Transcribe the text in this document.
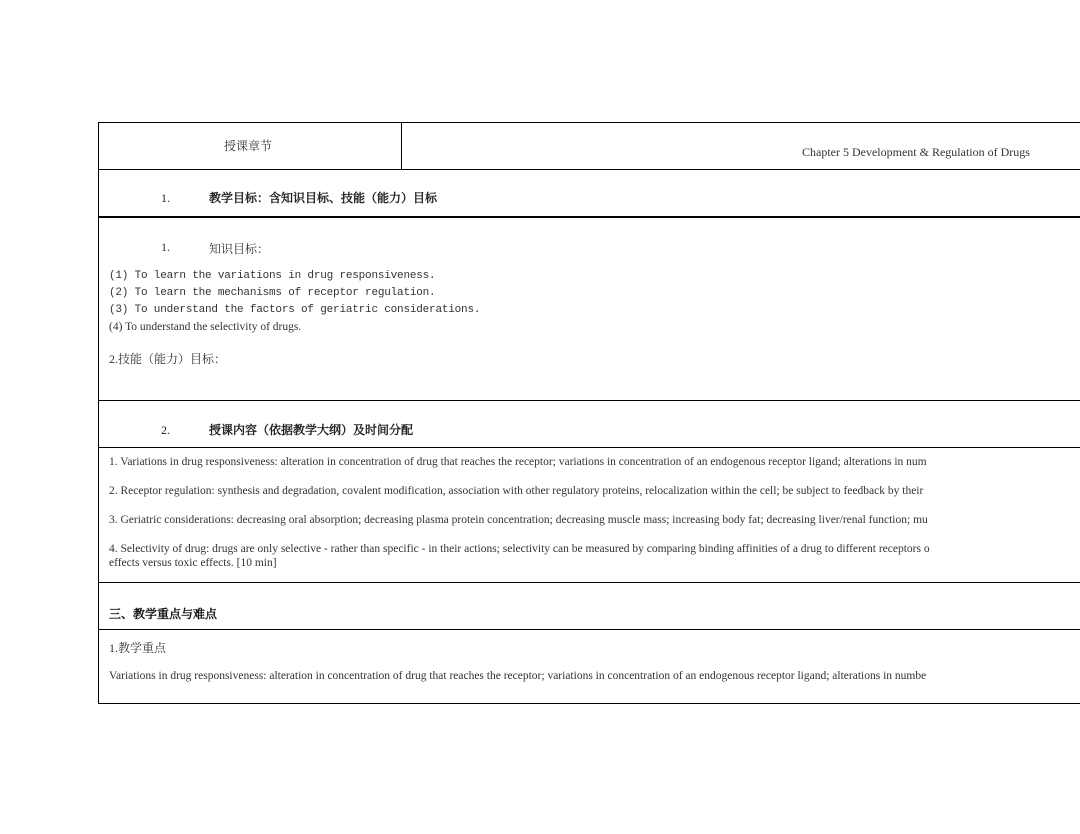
授课章节	Chapter 5 Development & Regulation of Drugs
1.	教学目标：含知识目标、技能（能力）目标
1.	知识目标：
(1) To learn the variations in drug responsiveness.
(2) To learn the mechanisms of receptor regulation.
(3) To understand the factors of geriatric considerations.
(4) To understand the selectivity of drugs.
2.技能（能力）目标：
2.	授课内容（依据教学大纲）及时间分配
1. Variations in drug responsiveness: alteration in concentration of drug that reaches the receptor; variations in concentration of an endogenous receptor ligand; alterations in num
2. Receptor regulation: synthesis and degradation, covalent modification, association with other regulatory proteins, relocalization within the cell; be subject to feedback by their
3. Geriatric considerations: decreasing oral absorption; decreasing plasma protein concentration; decreasing muscle mass; increasing body fat; decreasing liver/renal function; mu
4. Selectivity of drug: drugs are only selective - rather than specific - in their actions; selectivity can be measured by comparing binding affinities of a drug to different receptors o
effects versus toxic effects. [10 min]
三、教学重点与难点
1.教学重点
Variations in drug responsiveness: alteration in concentration of drug that reaches the receptor; variations in concentration of an endogenous receptor ligand; alterations in numbe
